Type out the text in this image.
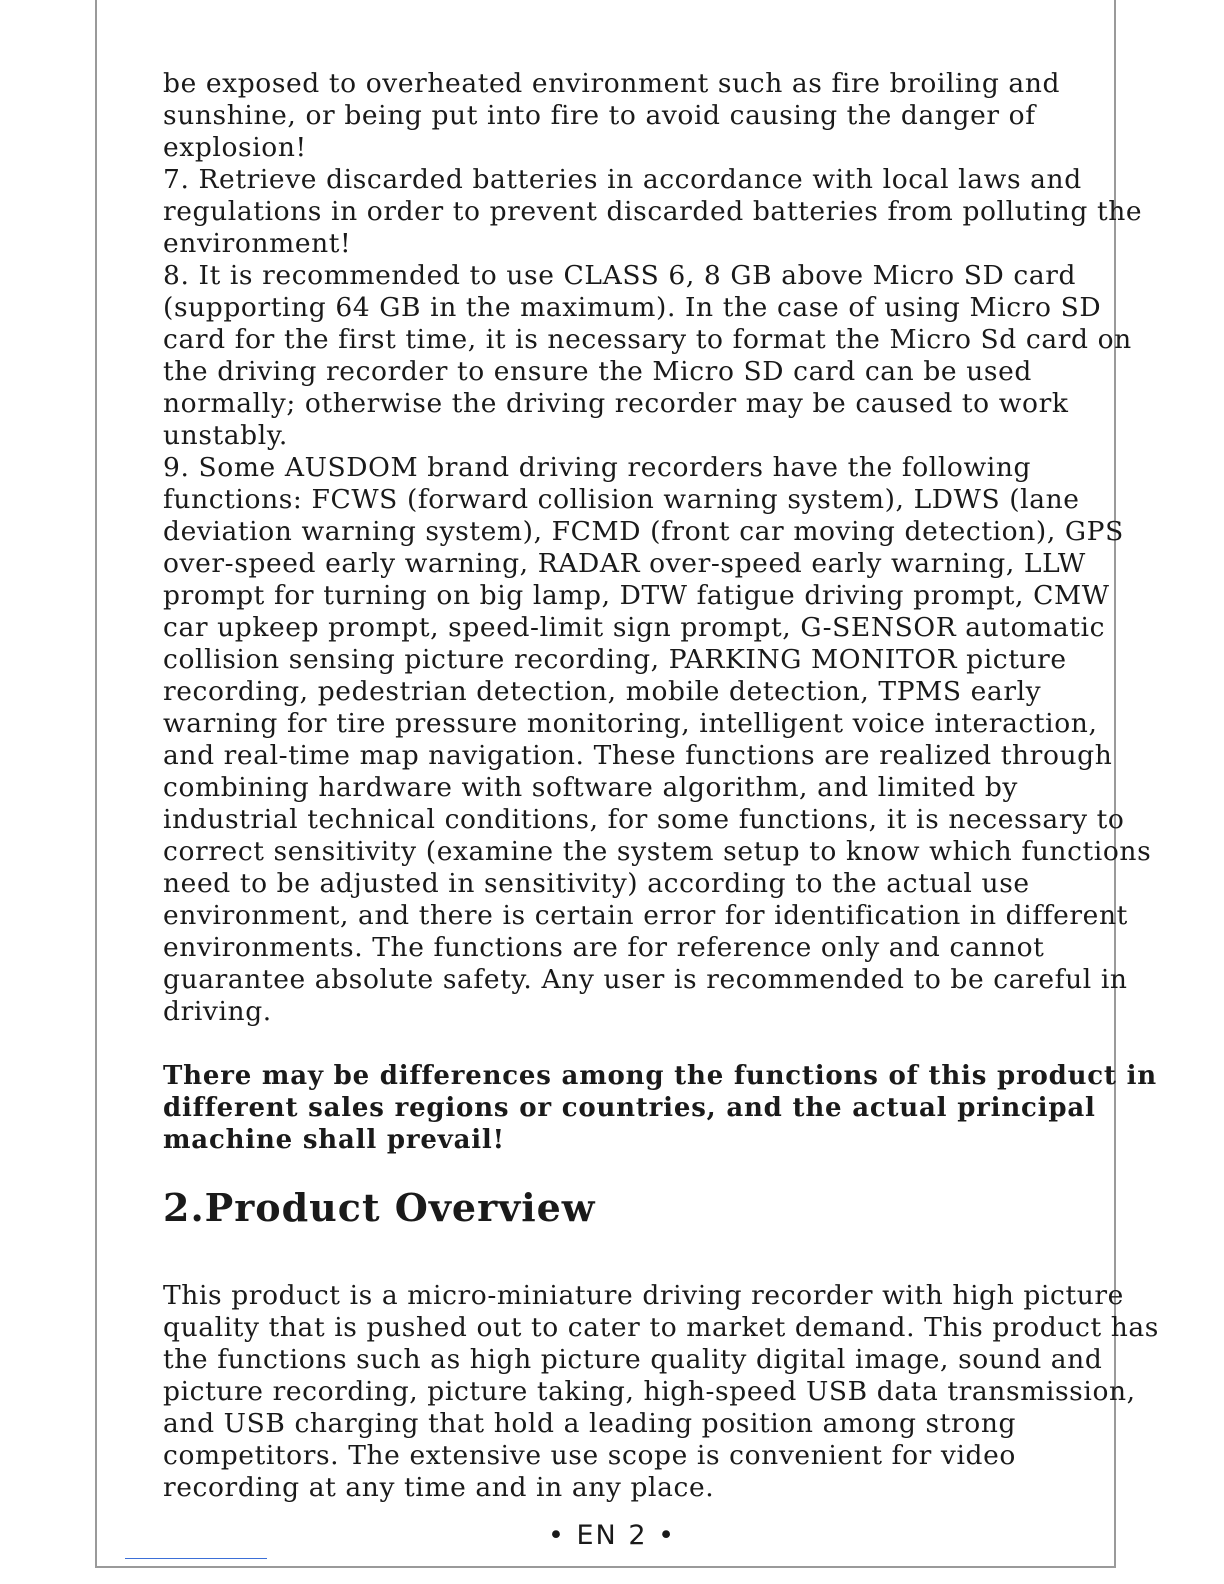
be exposed to overheated environment such as fire broiling and
sunshine, or being put into fire to avoid causing the danger of
explosion!
7. Retrieve discarded batteries in accordance with local laws and
regulations in order to prevent discarded batteries from polluting the
environment!
8. It is recommended to use CLASS 6, 8 GB above Micro SD card
(supporting 64 GB in the maximum). In the case of using Micro SD
card for the first time, it is necessary to format the Micro Sd card on
the driving recorder to ensure the Micro SD card can be used
normally; otherwise the driving recorder may be caused to work
unstably.
9. Some AUSDOM brand driving recorders have the following
functions: FCWS (forward collision warning system), LDWS (lane
deviation warning system), FCMD (front car moving detection), GPS
over-speed early warning, RADAR over-speed early warning, LLW
prompt for turning on big lamp, DTW fatigue driving prompt, CMW
car upkeep prompt, speed-limit sign prompt, G-SENSOR automatic
collision sensing picture recording, PARKING MONITOR picture
recording, pedestrian detection, mobile detection, TPMS early
warning for tire pressure monitoring, intelligent voice interaction,
and real-time map navigation. These functions are realized through
combining hardware with software algorithm, and limited by
industrial technical conditions, for some functions, it is necessary to
correct sensitivity (examine the system setup to know which functions
need to be adjusted in sensitivity) according to the actual use
environment, and there is certain error for identification in different
environments. The functions are for reference only and cannot
guarantee absolute safety. Any user is recommended to be careful in
driving.
There may be differences among the functions of this product in
different sales regions or countries, and the actual principal
machine shall prevail!
2.Product Overview
This product is a micro-miniature driving recorder with high picture
quality that is pushed out to cater to market demand. This product has
the functions such as high picture quality digital image, sound and
picture recording, picture taking, high-speed USB data transmission,
and USB charging that hold a leading position among strong
competitors. The extensive use scope is convenient for video
recording at any time and in any place.
• EN 2 •
